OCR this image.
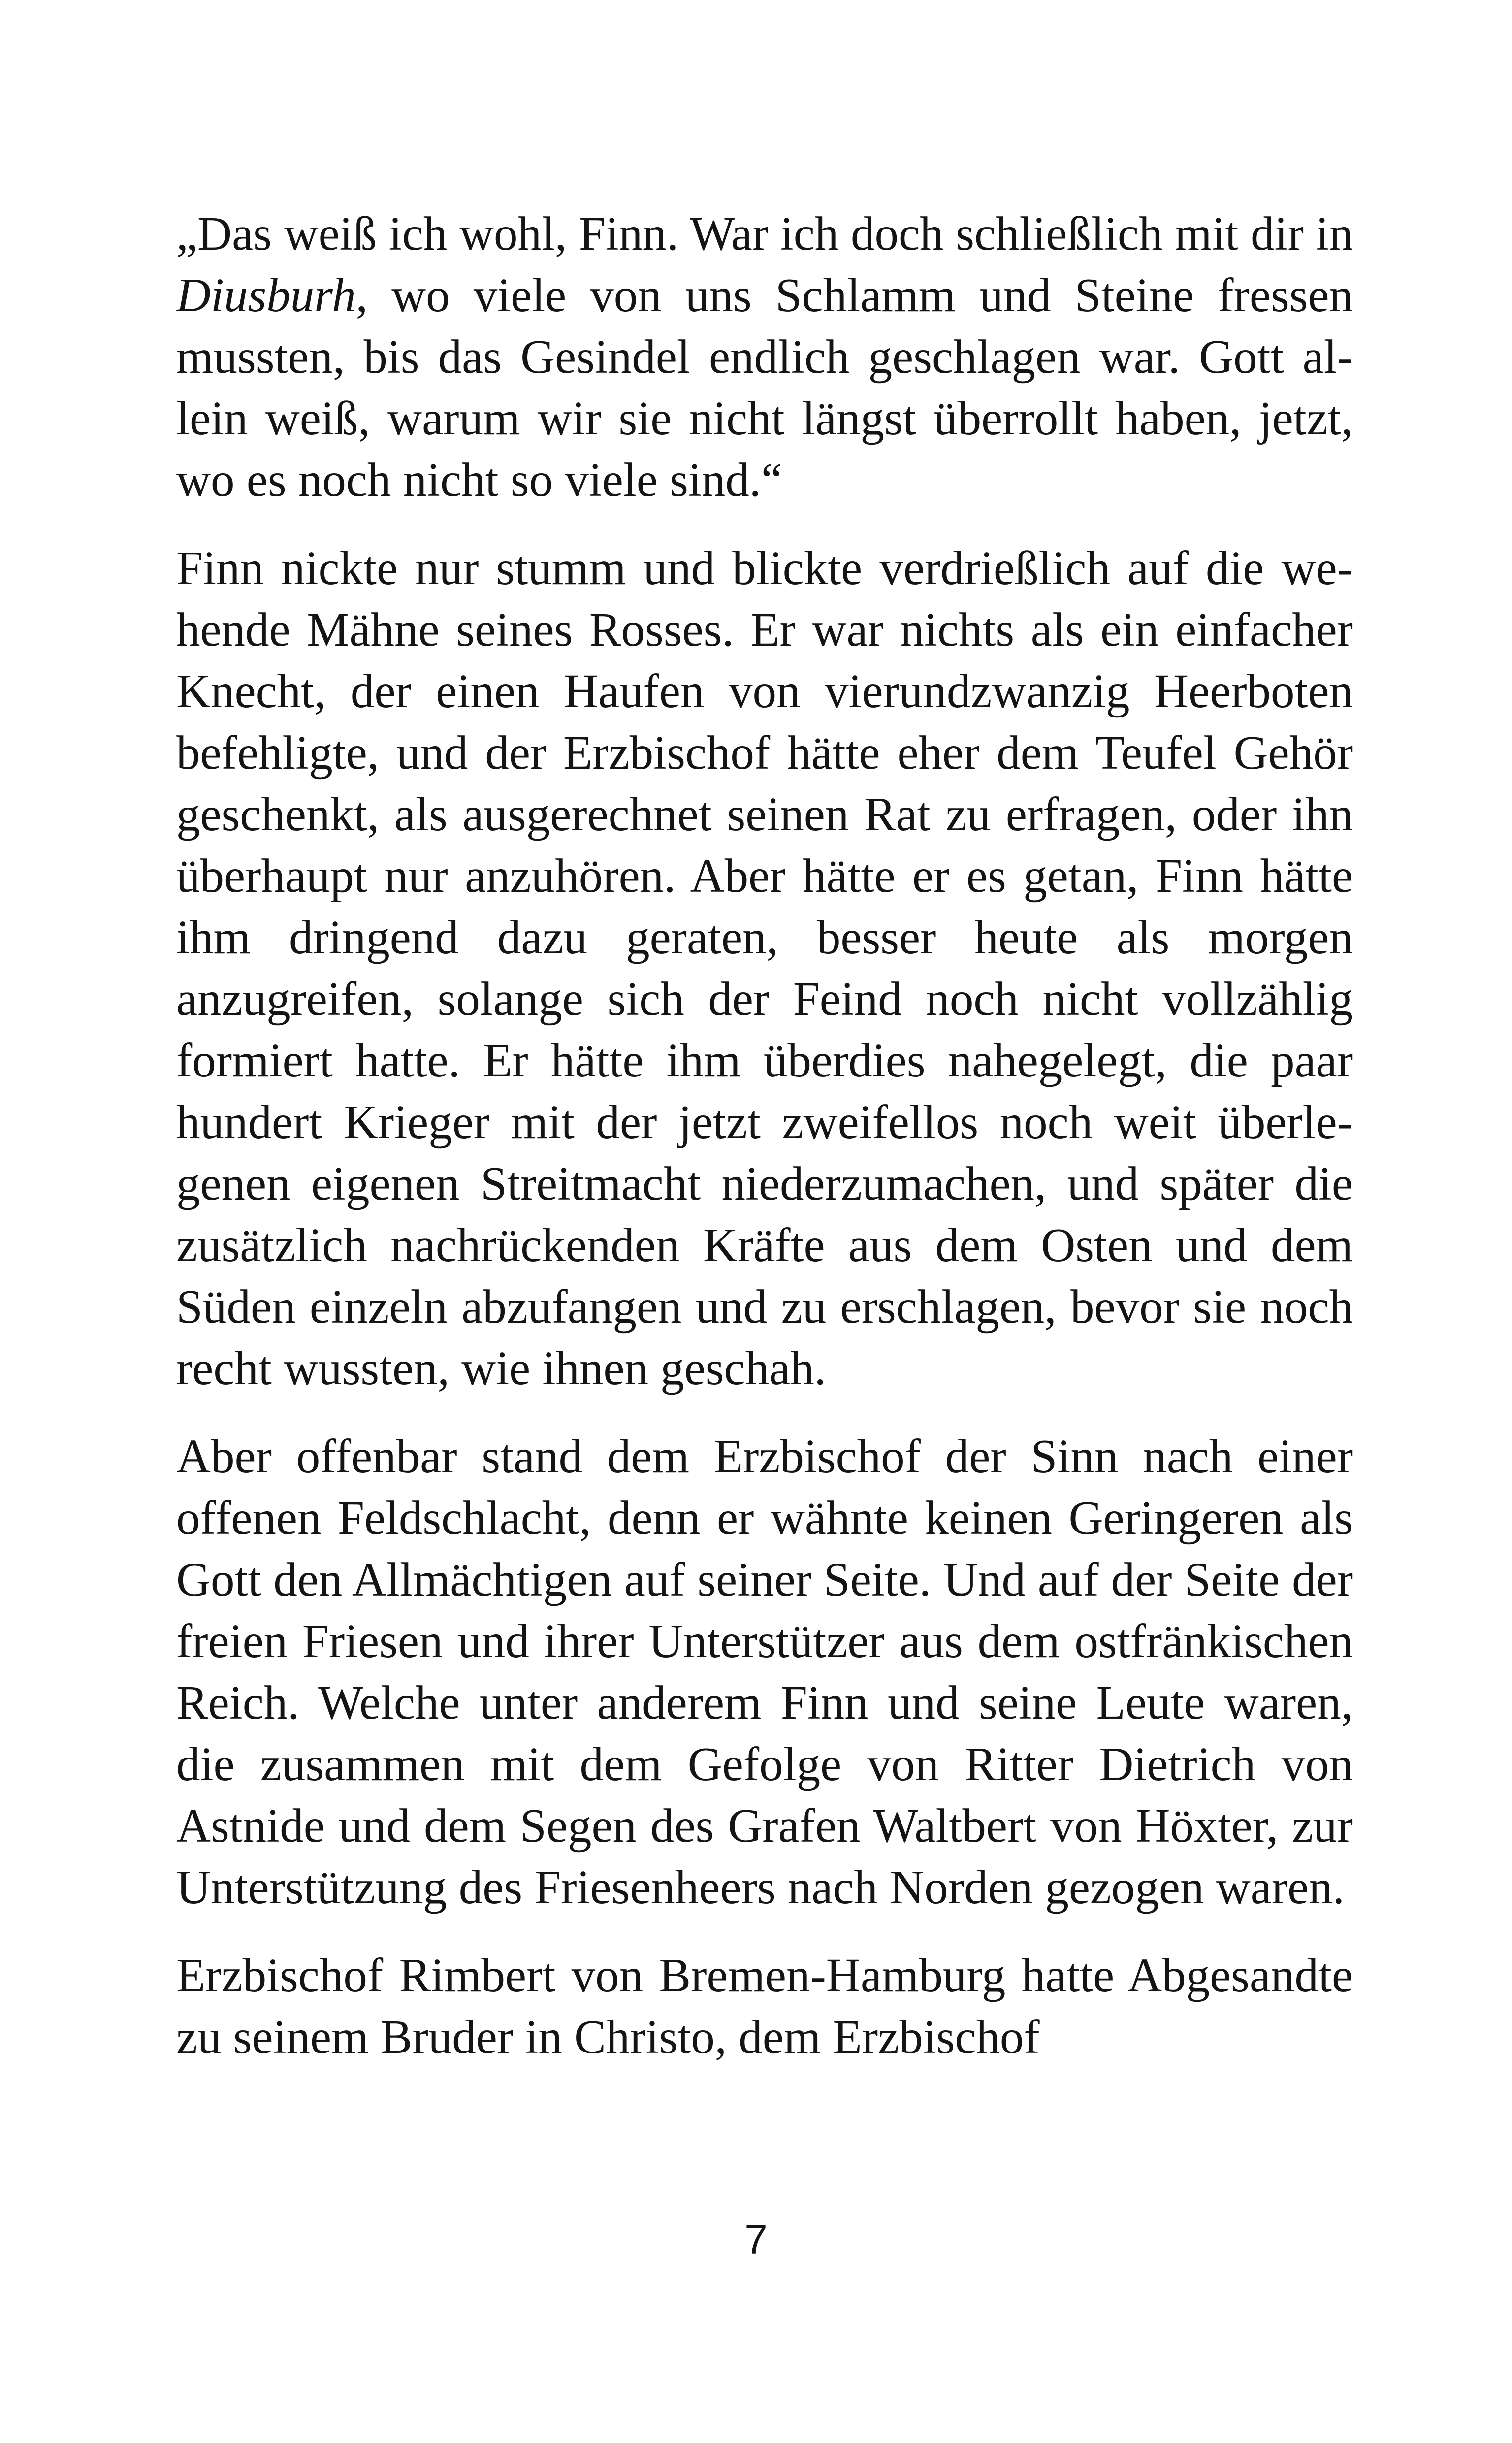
„Das weiß ich wohl, Finn. War ich doch schließlich mit dir in Diusburh, wo viele von uns Schlamm und Steine fressen mussten, bis das Gesindel endlich geschlagen war. Gott allein weiß, warum wir sie nicht längst überrollt haben, jetzt, wo es noch nicht so viele sind.“

Finn nickte nur stumm und blickte verdrießlich auf die wehende Mähne seines Rosses. Er war nichts als ein einfacher Knecht, der einen Haufen von vierundzwanzig Heerboten befehligte, und der Erzbischof hätte eher dem Teufel Gehör geschenkt, als ausgerechnet seinen Rat zu erfragen, oder ihn überhaupt nur anzuhören. Aber hätte er es getan, Finn hätte ihm dringend dazu geraten, besser heute als morgen anzugreifen, solange sich der Feind noch nicht vollzählig formiert hatte. Er hätte ihm überdies nahegelegt, die paar hundert Krieger mit der jetzt zweifellos noch weit überlegenen eigenen Streitmacht niederzumachen, und später die zusätzlich nachrückenden Kräfte aus dem Osten und dem Süden einzeln abzufangen und zu erschlagen, bevor sie noch recht wussten, wie ihnen geschah.

Aber offenbar stand dem Erzbischof der Sinn nach einer offenen Feldschlacht, denn er wähnte keinen Geringeren als Gott den Allmächtigen auf seiner Seite. Und auf der Seite der freien Friesen und ihrer Unterstützer aus dem ostfränkischen Reich. Welche unter anderem Finn und seine Leute waren, die zusammen mit dem Gefolge von Ritter Dietrich von Astnide und dem Segen des Grafen Waltbert von Höxter, zur Unterstützung des Friesenheers nach Norden gezogen waren.

Erzbischof Rimbert von Bremen-Hamburg hatte Abgesandte zu seinem Bruder in Christo, dem Erzbischof

7
